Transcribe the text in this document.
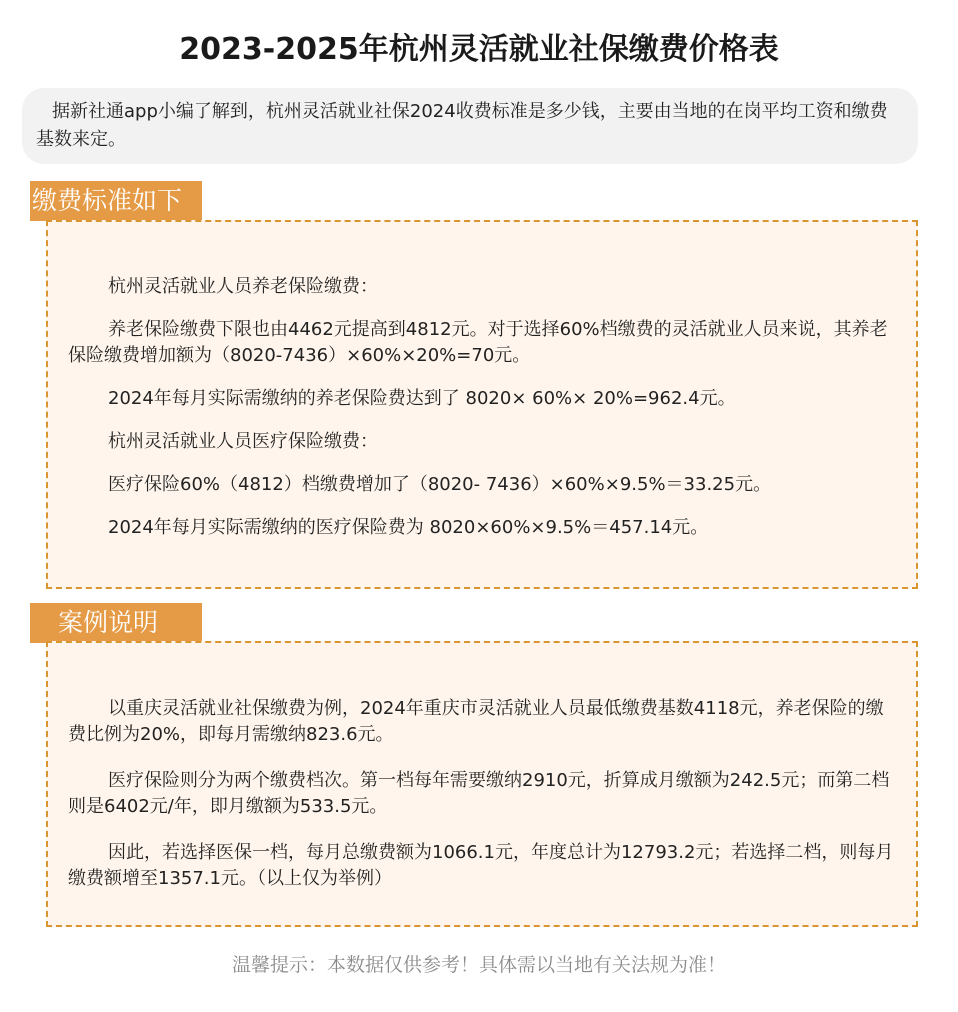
2023-2025年杭州灵活就业社保缴费价格表
据新社通app小编了解到，杭州灵活就业社保2024收费标准是多少钱，主要由当地的在岗平均工资和缴费基数来定。
缴费标准如下

杭州灵活就业人员养老保险缴费：

养老保险缴费下限也由4462元提高到4812元。对于选择60%档缴费的灵活就业人员来说，其养老保险缴费增加额为（8020-7436）×60%×20%=70元。

2024年每月实际需缴纳的养老保险费达到了 8020× 60%× 20%=962.4元。

杭州灵活就业人员医疗保险缴费：

医疗保险60%（4812）档缴费增加了（8020- 7436）×60%×9.5%＝33.25元。

2024年每月实际需缴纳的医疗保险费为 8020×60%×9.5%＝457.14元。

案例说明

以重庆灵活就业社保缴费为例，2024年重庆市灵活就业人员最低缴费基数4118元，养老保险的缴费比例为20%，即每月需缴纳823.6元。

医疗保险则分为两个缴费档次。第一档每年需要缴纳2910元，折算成月缴额为242.5元；而第二档则是6402元/年，即月缴额为533.5元。

因此，若选择医保一档，每月总缴费额为1066.1元，年度总计为12793.2元；若选择二档，则每月缴费额增至1357.1元。（以上仅为举例）

温馨提示：本数据仅供参考！具体需以当地有关法规为准！
